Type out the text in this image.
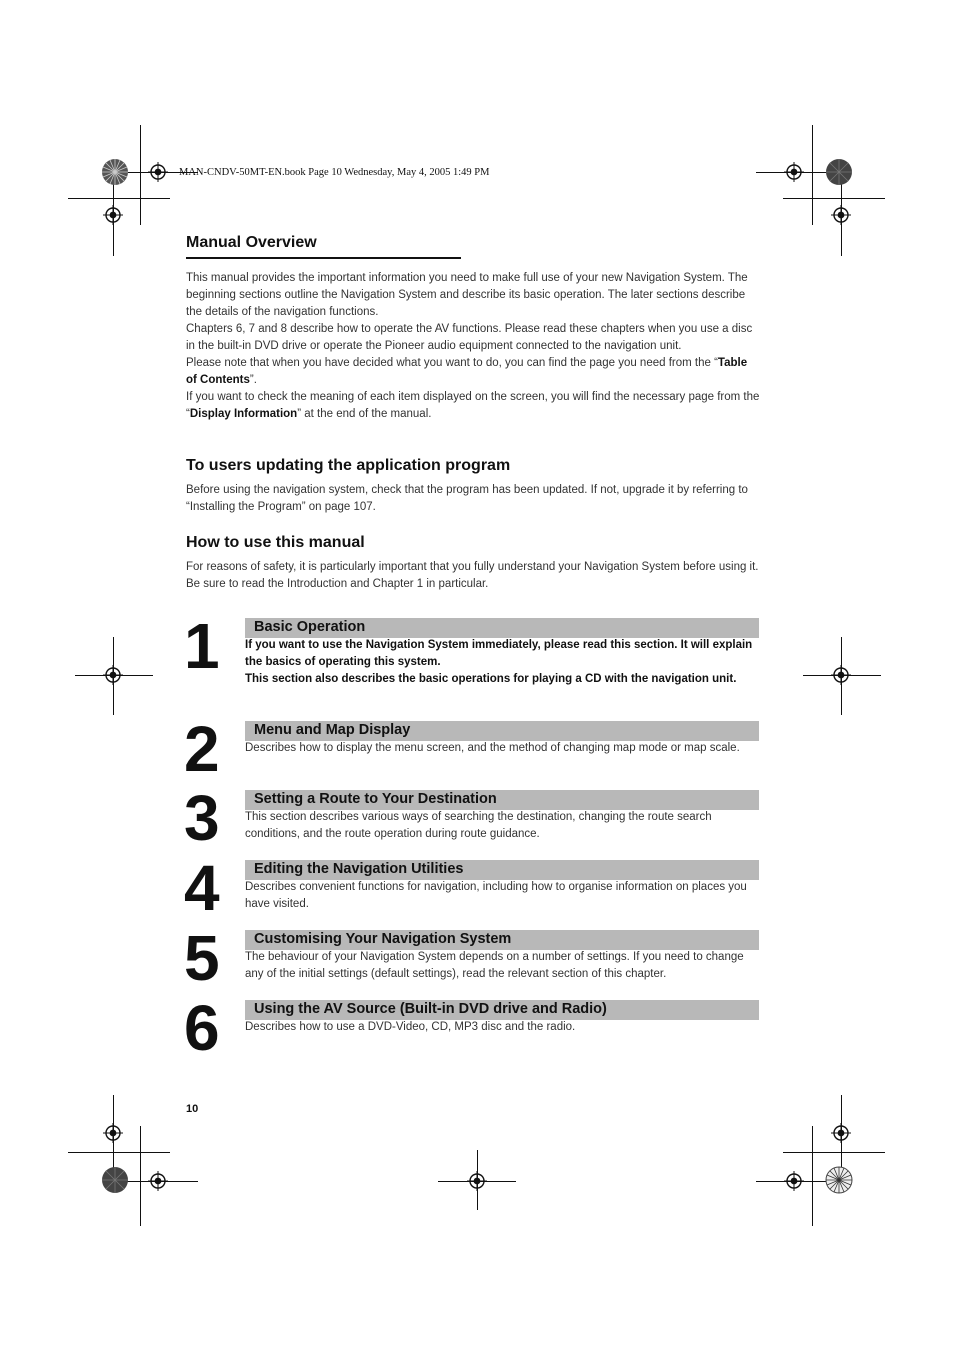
MAN-CNDV-50MT-EN.book Page 10 Wednesday, May 4, 2005 1:49 PM
Manual Overview

This manual provides the important information you need to make full use of your new Navigation System. The beginning sections outline the Navigation System and describe its basic operation. The later sections describe the details of the navigation functions.

Chapters 6, 7 and 8 describe how to operate the AV functions. Please read these chapters when you use a disc in the built-in DVD drive or operate the Pioneer audio equipment connected to the navigation unit.

Please note that when you have decided what you want to do, you can find the page you need from the “Table of Contents”.

If you want to check the meaning of each item displayed on the screen, you will find the necessary page from the “Display Information” at the end of the manual.

To users updating the application program
Before using the navigation system, check that the program has been updated. If not, upgrade it by referring to “Installing the Program” on page 107.
How to use this manual
For reasons of safety, it is particularly important that you fully understand your Navigation System before using it. Be sure to read the Introduction and Chapter 1 in particular.
1 Basic Operation

If you want to use the Navigation System immediately, please read this section. It will explain the basics of operating this system.

This section also describes the basic operations for playing a CD with the navigation unit.

2 Menu and Map Display
Describes how to display the menu screen, and the method of changing map mode or map scale.
3 Setting a Route to Your Destination
This section describes various ways of searching the destination, changing the route search conditions, and the route operation during route guidance.
4 Editing the Navigation Utilities
Describes convenient functions for navigation, including how to organise information on places you have visited.
5 Customising Your Navigation System
The behaviour of your Navigation System depends on a number of settings. If you need to change any of the initial settings (default settings), read the relevant section of this chapter.
6 Using the AV Source (Built-in DVD drive and Radio)
Describes how to use a DVD-Video, CD, MP3 disc and the radio.
10
